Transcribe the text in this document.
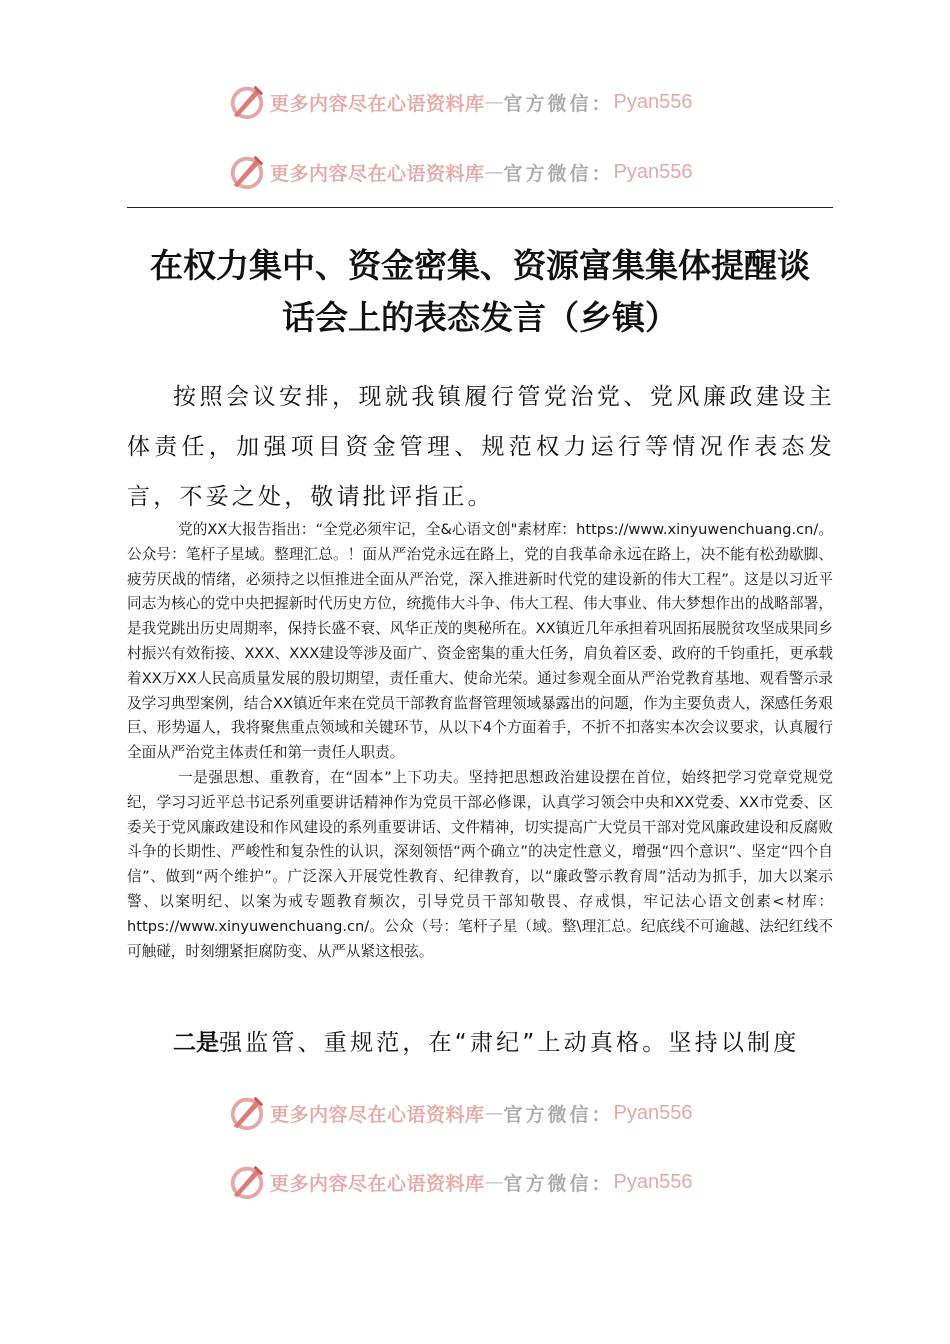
更多内容尽在心语资料库 — 官方微信： Pyan556
更多内容尽在心语资料库 — 官方微信： Pyan556
在权力集中、资金密集、资源富集集体提醒谈
话会上的表态发言（乡镇）

按照会议安排，现就我镇履行管党治党、党风廉政建设主体责任，加强项目资金管理、规范权力运行等情况作表态发言，不妥之处，敬请批评指正。

党的XX大报告指出：“全党必须牢记，全&心语文创"素材库：https://www.xinyuwenchuang.cn/。公众号：笔杆子星域。整理汇总。！面从严治党永远在路上，党的自我革命永远在路上，决不能有松劲歇脚、疲劳厌战的情绪，必须持之以恒推进全面从严治党，深入推进新时代党的建设新的伟大工程”。这是以习近平同志为核心的党中央把握新时代历史方位，统揽伟大斗争、伟大工程、伟大事业、伟大梦想作出的战略部署，是我党跳出历史周期率，保持长盛不衰、风华正茂的奥秘所在。XX镇近几年承担着巩固拓展脱贫攻坚成果同乡村振兴有效衔接、XXX、XXX建设等涉及面广、资金密集的重大任务，肩负着区委、政府的千钧重托，更承载着XX万XX人民高质量发展的殷切期望，责任重大、使命光荣。通过参观全面从严治党教育基地、观看警示录及学习典型案例，结合XX镇近年来在党员干部教育监督管理领域暴露出的问题，作为主要负责人，深感任务艰巨、形势逼人，我将聚焦重点领域和关键环节，从以下4个方面着手，不折不扣落实本次会议要求，认真履行全面从严治党主体责任和第一责任人职责。

一是强思想、重教育，在“固本”上下功夫。坚持把思想政治建设摆在首位，始终把学习党章党规党纪，学习习近平总书记系列重要讲话精神作为党员干部必修课，认真学习领会中央和XX党委、XX市党委、区委关于党风廉政建设和作风建设的系列重要讲话、文件精神，切实提高广大党员干部对党风廉政建设和反腐败斗争的长期性、严峻性和复杂性的认识，深刻领悟“两个确立”的决定性意义，增强“四个意识”、坚定“四个自信”、做到“两个维护”。广泛深入开展党性教育、纪律教育，以“廉政警示教育周”活动为抓手，加大以案示警、以案明纪、以案为戒专题教育频次，引导党员干部知敬畏、存戒惧，牢记法心语文创素<材库：https://www.xinyuwenchuang.cn/。公众（号：笔杆子星（域。整\理汇总。纪底线不可逾越、法纪红线不可触碰，时刻绷紧拒腐防变、从严从紧这根弦。

二是强监管、重规范，在“肃纪”上动真格。坚持以制度

更多内容尽在心语资料库 — 官方微信： Pyan556
更多内容尽在心语资料库 — 官方微信： Pyan556
